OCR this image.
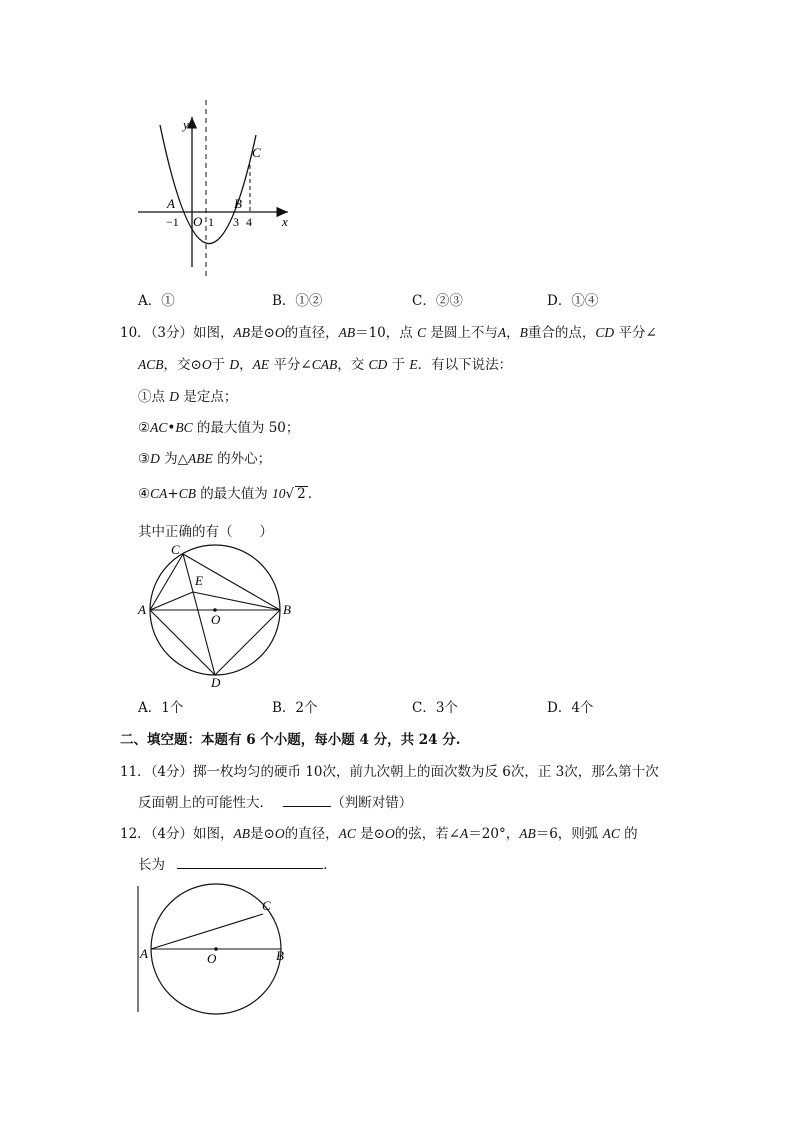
y
x
C
A	B
O
−1 1 3 4
A．①	B．①②	C．②③	D．①④
10．（3分）如图，AB是⊙O的直径，AB＝10，点 C 是圆上不与A，B重合的点，CD 平分∠
ACB，交⊙O于 D，AE 平分∠CAB，交 CD 于 E．有以下说法：
①点 D 是定点；
②AC•BC 的最大值为 50；
③D 为△ABE 的外心；
④CA+CB 的最大值为 10√ 2 ．
其中正确的有（　　）
C
E
A
O
B
D
A．1个	B．2个	C．3个	D．4个
二、填空题：本题有 6 个小题，每小题 4 分，共 24 分.
11．（4分）掷一枚均匀的硬币 10次，前九次朝上的面次数为反 6次，正 3次，那么第十次
反面朝上的可能性大．	（判断对错）
12．（4分）如图，AB是⊙O的直径，AC 是⊙O的弦，若∠A＝20°，AB＝6，则弧 AC 的
长为	．
C
A	O	B
